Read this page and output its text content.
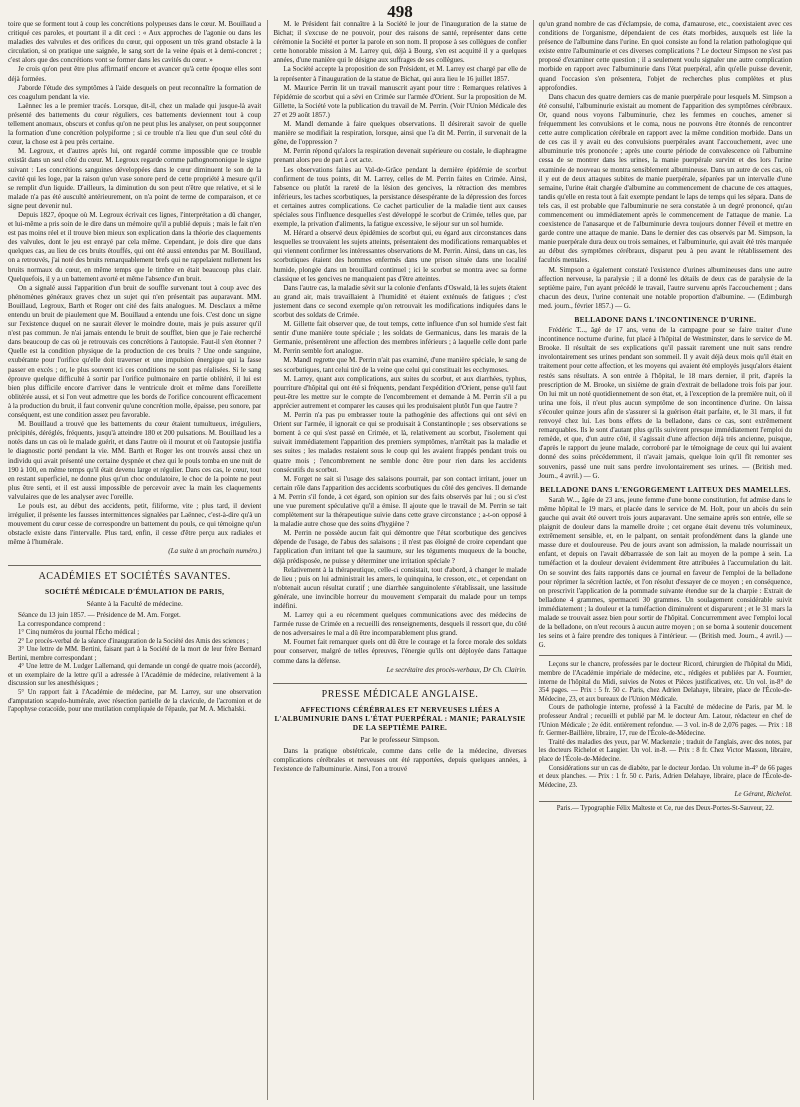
498

toire que se forment tout à coup les concrétions polypeuses dans le cœur. M. Bouillaud a critiqué ces paroles, et pourtant il a dit ceci : « Aux approches de l'agonie ou dans les maladies des valvules et des orifices du cœur, qui opposent un très grand obstacle à la circulation, si on pratique une saignée, le sang sort de la veine épais et à demi-concret ; c'est alors que des concrétions vont se former dans les cavités du cœur. »

Je crois qu'on peut être plus affirmatif encore et avancer qu'à cette époque elles sont déjà formées.

J'aborde l'étude des symptômes à l'aide desquels on peut reconnaître la formation de ces coagulum pendant la vie.

Laënnec les a le premier tracés. Lorsque, dit-il, chez un malade qui jusque-là avait présenté des battements du cœur réguliers, ces battements deviennent tout à coup tellement anomaux, obscurs et confus qu'on ne peut plus les analyser, on peut soupçonner la formation d'une concrétion polypiforme ; si ce trouble n'a lieu que d'un seul côté du cœur, la chose est à peu près certaine.

M. Legroux, et d'autres après lui, ont regardé comme impossible que ce trouble existât dans un seul côté du cœur. M. Legroux regarde comme pathognomonique le signe suivant : Les concrétions sanguines développées dans le cœur diminuent le son de la cavité qui les loge, par la raison qu'un vase sonore perd de cette propriété à mesure qu'il se remplit d'un liquide. D'ailleurs, la diminution du son peut n'être que relative, et si le malade n'a pas été auscultè antérieurement, on n'a point de terme de comparaison, et ce signe peut devenir nul.

Depuis 1827, époque où M. Legroux écrivait ces lignes, l'interprétation a dû changer, et lui-même a pris soin de le dire dans un mémoire qu'il a publié depuis ; mais le fait n'en est pas moins réel et il trouve bien mieux son explication dans la théorie des claquements des valvules, dont le jeu est enrayé par cela même. Cependant, je dois dire que dans quelques cas, au lieu de ces bruits étouffés, qui ont été aussi entendus par M. Bouillaud, on a retrouvés, j'ai noté des bruits remarquablement brefs qui ne rappelaient nullement les bruits normaux du cœur, en même temps que le timbre en était beaucoup plus clair. Quelquefois, il y a un battement avorté et même l'absence d'un bruit.

On a signalé aussi l'apparition d'un bruit de souffle survenant tout à coup avec des phénomènes généraux graves chez un sujet qui n'en présentait pas auparavant. MM. Bouillaud, Legroux, Barth et Roger ont cité des faits analogues. M. Desclaux a même entendu un bruit de piaulement que M. Bouillaud a entendu une fois. C'est donc un signe sur l'existence duquel on ne saurait élever le moindre doute, mais je puis assurer qu'il n'est pas commun. Je n'ai jamais entendu le bruit de soufflet, bien que je l'aie recherché dans beaucoup de cas où je retrouvais ces concrétions à l'autopsie. Faut-il s'en étonner ? Quelle est la condition physique de la production de ces bruits ? Une onde sanguine, exubérante pour l'orifice qu'elle doit traverser et une impulsion énergique qui la fasse passer en excès ; or, le plus souvent ici ces conditions ne sont pas réalisées. Si le sang éprouve quelque difficulté à sortir par l'orifice pulmonaire en partie oblitéré, il lui est bien plus difficile encore d'arriver dans le ventricule droit et même dans l'oreillette oblitérée aussi, et si l'on veut admettre que les bords de l'orifice concourent efficacement à la production du bruit, il faut convenir qu'une concrétion molle, épaisse, peu sonore, par conséquent, est une condition assez peu favorable.

M. Bouillaud a trouvé que les battements du cœur étaient tumultueux, irréguliers, précipités, déréglés, fréquents, jusqu'à atteindre 180 et 200 pulsations. M. Bouillaud les a notés dans un cas où le malade guérit, et dans l'autre où il mourut et où l'autopsie justifia le diagnostic porté pendant la vie. MM. Barth et Roger les ont trouvés aussi chez un individu qui avait présenté une certaine dyspnée et chez qui le pouls tomba en une nuit de 190 à 100, en même temps qu'il était devenu large et régulier. Dans ces cas, le cœur, tout en restant superficiel, ne donne plus qu'un choc ondulatoire, le choc de la pointe ne peut plus être senti, et il est aussi impossible de percevoir avec la main les claquements valvulaires que de les analyser avec l'oreille.

Le pouls est, au début des accidents, petit, filiforme, vite ; plus tard, il devient irrégulier, il présente les fausses intermittences signalées par Laënnec, c'est-à-dire qu'à un mouvement du cœur cesse de correspondre un battement du pouls, ce qui témoigne qu'un obstacle existe dans l'intervalle. Plus tard, enfin, il cesse d'être perçu aux radiales et même à l'humérale.

(La suite à un prochain numéro.)

ACADÉMIES ET SOCIÉTÉS SAVANTES.
SOCIÉTÉ MÉDICALE D'ÉMULATION DE PARIS,
Séante à la Faculté de médecine.

Séance du 13 juin 1857. — Présidence de M. Am. Forget.

La correspondance comprend :

1° Cinq numéros du journal l'Écho médical ;

2° Le procès-verbal de la séance d'inauguration de la Société des Amis des sciences ;

3° Une lettre de MM. Bertini, faisant part à la Société de la mort de leur frère Bernard Bertini, membre correspondant ;

4° Une lettre de M. Ludger Lallemand, qui demande un congé de quatre mois (accordé), et un exemplaire de la lettre qu'il a adressée à l'Académie de médecine, relativement à la discussion sur les anesthésiques ;

5° Un rapport fait à l'Académie de médecine, par M. Larrey, sur une observation d'amputation scapulo-humérale, avec résection partielle de la clavicule, de l'acromion et de l'apophyse coracoïde, pour une mutilation compliquée de l'épaule, par M. A. Michalski.

M. le Président fait connaître à la Société le jour de l'inauguration de la statue de Bichat; il s'excuse de ne pouvoir, pour des raisons de santé, représenter dans cette cérémonie la Société et porter la parole en son nom. Il propose à ses collègues de confier cette honorable mission à M. Larrey qui, déjà à Bourg, s'en est acquitté il y a quelques années, d'une manière qui le désigne aux suffrages de ses collègues.

La Société accepte la proposition de son Président, et M. Larrey est chargé par elle de la représenter à l'inauguration de la statue de Bichat, qui aura lieu le 16 juillet 1857.

M. Maurice Perrin lit un travail manuscrit ayant pour titre : Remarques relatives à l'épidémie de scorbut qui a sévi en Crimée sur l'armée d'Orient. Sur la proposition de M. Gillette, la Société vote la publication du travail de M. Perrin. (Voir l'Union Médicale des 27 et 29 août 1857.)

M. Mandl demande à faire quelques observations. Il désirerait savoir de quelle manière se modifiait la respiration, lorsque, ainsi que l'a dit M. Perrin, il survenait de la gêne, de l'oppression ?

M. Perrin répond qu'alors la respiration devenait supérieure ou costale, le diaphragme prenant alors peu de part à cet acte.

Les observations faites au Val-de-Grâce pendant la dernière épidémie de scorbut confirment de tous points, dit M. Larrey, celles de M. Perrin faites en Crimée. Ainsi, l'absence ou plutôt la rareté de la lésion des gencives, la rétraction des membres inférieurs, les taches scorbutiques, la persistance désespérante de la dépression des forces et certaines autres complications. Ce cachet particulier de la maladie tient aux causes spéciales sous l'influence desquelles s'est développé le scorbut de Crimée, telles que, par exemple, la privation d'aliments, la fatigue excessive, le séjour sur un sol humide.

M. Hérard a observé deux épidémies de scorbut qui, eu égard aux circonstances dans lesquelles se trouvaient les sujets atteints, présentaient des modifications remarquables et qui viennent confirmer les intéressantes observations de M. Perrin. Ainsi, dans un cas, les scorbutiques étaient des hommes enfermés dans une prison située dans une localité humide, plongée dans un brouillard continuel ; ici le scorbut se montra avec sa forme classique et les gencives ne manquaient pas d'être atteintes.

Dans l'autre cas, la maladie sévit sur la colonie d'enfants d'Oswald, là les sujets étaient au grand air, mais travaillaient à l'humidité et étaient exténués de fatigues ; c'est justement dans ce second exemple qu'on retrouvait les modifications indiquées dans le scorbut des soldats de Crimée.

M. Gillette fait observer que, de tout temps, cette influence d'un sol humide s'est fait sentir d'une manière toute spéciale ; les soldats de Germanicus, dans les marais de la Germanie, présentèrent une affection des membres inférieurs ; à laquelle celle dont parle M. Perrin semble fort analogue.

M. Mandl regrette que M. Perrin n'ait pas examiné, d'une manière spéciale, le sang de ses scorbutiques, tant celui tiré de la veine que celui qui constituait les ecchymoses.

M. Larrey, quant aux complications, aux suites du scorbut, et aux diarrhées, typhus, pourriture d'hôpital qui ont été si fréquents, pendant l'expédition d'Orient, pense qu'il faut peut-être les mettre sur le compte de l'encombrement et demande à M. Perrin s'il a pu apprécier autrement et comparer les causes qui les produisaient plutôt l'un que l'autre ?

M. Perrin n'a pas pu embrasser toute la pathogénie des affections qui ont sévi en Orient sur l'armée, il ignorait ce qui se produisait à Constantinople ; ses observations se bornent à ce qui s'est passé en Crimée, et là, relativement au scorbut, l'isolement qui suivait immédiatement l'apparition des premiers symptômes, n'arrêtait pas la maladie et ses suites ; les malades restaient sous le coup qui les avaient frappés pendant trois ou quatre mois ; l'encombrement ne semble donc être pour rien dans les accidents consécutifs du scorbut.

M. Forget ne sait si l'usage des salaisons pourrait, par son contact irritant, jouer un certain rôle dans l'apparition des accidents scorbutiques du côté des gencives. Il demande à M. Perrin s'il fonde, à cet égard, son opinion sur des faits observés par lui ; ou si c'est une vue purement spéculative qu'il a émise. Il ajoute que le travail de M. Perrin se tait complètement sur la thérapeutique suivie dans cette grave circonstance ; a-t-on opposé à la maladie autre chose que des soins d'hygiène ?

M. Perrin ne possède aucun fait qui démontre que l'état scorbutique des gencives dépende de l'usage, de l'abus des salaisons ; il n'est pas éloigné de croire cependant que l'application d'un irritant tel que la saumure, sur les téguments muqueux de la bouche, déjà prédisposée, ne puisse y déterminer une irritation spéciale ?

Relativement à la thérapeutique, celle-ci consistait, tout d'abord, à changer le malade de lieu ; puis on lui administrait les amers, le quinquina, le cresson, etc., et cependant on n'obtenait aucun résultat curatif ; une diarrhée sanguinolente s'établissait, une lassitude générale, une invincible horreur du mouvement s'emparait du malade pour un temps indéfini.

M. Larrey qui a eu récemment quelques communications avec des médecins de l'armée russe de Crimée en a recueilli des renseignements, desquels il ressort que, du côté de nos adversaires le mal a dû être incomparablement plus grand.

M. Fournet fait remarquer quels ont dû être le courage et la force morale des soldats pour conserver, malgré de telles épreuves, l'énergie qu'ils ont déployée dans l'attaque comme dans la défense.

Le secrétaire des procès-verbaux, Dr Ch. Clairin.

PRESSE MÉDICALE ANGLAISE.
AFFECTIONS CÉRÉBRALES ET NERVEUSES LIÉES A L'ALBUMINURIE DANS L'ÉTAT PUERPÉRAL : MANIE; PARALYSIE DE LA SEPTIÈME PAIRE.
Par le professeur Simpson.

Dans la pratique obstétricale, comme dans celle de la médecine, diverses complications cérébrales et nerveuses ont été rapportées, depuis quelques années, à l'existence de l'albuminurie. Ainsi, l'on a trouvé

qu'un grand nombre de cas d'éclampsie, de coma, d'amaurose, etc., coexistaient avec ces conditions de l'organisme, dépendaient de ces états morbides, auxquels est liée la présence de l'albumine dans l'urine. En quoi consiste au fond la relation pathologique qui existe entre l'albuminurie et ces diverses complications ? Le docteur Simpson ne s'est pas proposé d'examiner cette question ; il a seulement voulu signaler une autre complication morbide en rapport avec l'albuminurie dans l'état puerpéral, afin qu'elle puisse devenir, quand l'occasion s'en présentera, l'objet de recherches plus complètes et plus approfondies.

Dans chacun des quatre derniers cas de manie puerpérale pour lesquels M. Simpson a été consulté, l'albuminurie existait au moment de l'apparition des symptômes cérébraux. Or, quand nous voyons l'albuminurie, chez les femmes en couches, amener si fréquemment les convulsions et le coma, nous ne pouvons être étonnés de rencontrer cette autre complication cérébrale en rapport avec la même condition morbide. Dans un de ces cas il y avait eu des convulsions puerpérales avant l'accouchement, avec une albuminurie très prononcée ; après une courte période de convalescence où l'albumine cessa de se montrer dans les urines, la manie puerpérale survint et des lors l'urine examinée de nouveau se montra sensiblement albumineuse. Dans un autre de ces cas, où il y eut de deux attaques subites de manie puerpérale, séparées par un intervalle d'une semaine, l'urine était chargée d'albumine au commencement de chacune de ces attaques, tandis qu'elle en resta tout à fait exempte pendant le laps de temps qui les sépara. Dans de tels cas, il est probable que l'albuminurie ne sera constatée à un degré prononcé, qu'au commencement ou immédiatement après le commencement de l'attaque de manie. La coexistence de l'anasarque et de l'albuminurie devra toujours donner l'éveil et mettre en garde contre une attaque de manie. Dans le dernier des cas observés par M. Simpson, la manie puerpérale dura deux ou trois semaines, et l'albuminurie, qui avait été très marquée au début des symptômes cérébraux, disparut peu à peu avant le rétablissement des facultés mentales.

M. Simpson a également constaté l'existence d'urines albumineuses dans une autre affection nerveuse, la paralysie ; il a donné les détails de deux cas de paralysie de la septième paire, l'un ayant précédé le travail, l'autre survenu après l'accouchement ; dans chacun des deux, l'urine contenait une notable proportion d'albumine. — (Edimburgh med. journ., février 1857.) — G.

BELLADONE DANS L'INCONTINENCE D'URINE.

Frédéric T..., âgé de 17 ans, venu de la campagne pour se faire traiter d'une incontinence nocturne d'urine, fut placé à l'hôpital de Westminster, dans le service de M. Brooke. Il résultait de ses explications qu'il passait rarement une nuit sans rendre involontairement ses urines pendant son sommeil. Il y avait déjà deux mois qu'il était en traitement pour cette affection, et les moyens qui avaient été employés jusqu'alors étaient restés sans résultats. A son entrée à l'hôpital, le 18 mars dernier, il prit, d'après la prescription de M. Brooke, un sixième de grain d'extrait de belladone trois fois par jour. On lui mit un noté quotidiennement de son état, et, à l'exception de la première nuit, où il urina une fois, il n'eut plus aucun symptôme de son incontinence d'urine. On laissa s'écouler quinze jours afin de s'assurer si la guérison était parfaite, et, le 31 mars, il fut renvoyé chez lui. Les bons effets de la belladone, dans ce cas, sont extrêmement remarquables. Ils le sont d'autant plus qu'ils suivirent presque immédiatement l'emploi du remède, et que, d'un autre côté, il s'agissait d'une affection déjà très ancienne, puisque, d'après le rapport du jeune malade, corroboré par le témoignage de ceux qui lui avaient donné des soins précédemment, il n'avait jamais, quelque loin qu'il fît remonter ses souvenirs, passé une nuit sans perdre involontairement ses urines. — (British med. Journ., 4 avril.) — G.

BELLADONE DANS L'ENGORGEMENT LAITEUX DES MAMELLES.

Sarah W..., âgée de 23 ans, jeune femme d'une bonne constitution, fut admise dans le même hôpital le 19 mars, et placée dans le service de M. Holt, pour un abcès du sein gauche qui avait été ouvert trois jours auparavant. Une semaine après son entrée, elle se plaignit de douleur dans la mamelle droite ; cet organe était devenu très volumineux, extrêmement sensible, et, en le palpant, on sentait profondément dans la glande une masse dure et douloureuse. Peu de jours avant son admission, la malade nourrissait un enfant, et depuis on l'avait débarrassée de son lait au moyen de la pompe à sein. La tuméfaction et la douleur devaient évidemment être attribuées à l'accumulation du lait. On se souvint des faits rapportés dans ce journal en faveur de l'emploi de la belladone pour réprimer la sécrétion lactée, et l'on résolut d'essayer de ce moyen ; en conséquence, on prescrivit l'application de la pommade suivante étendue sur de la charpie : Extrait de belladone 4 grammes, spermaceti 30 grammes. Un soulagement considérable suivit immédiatement ; la douleur et la tuméfaction diminuèrent et disparurent ; et le 31 mars la malade se trouvait assez bien pour sortir de l'hôpital. Concurremment avec l'emploi local de la belladone, on n'eut recours à aucun autre moyen ; on se borna à soutenir doucement les seins et à faire prendre des toniques à l'intérieur. — (British med. Journ., 4 avril.) — G.

Leçons sur le chancre, professées par le docteur Ricord, chirurgien de l'hôpital du Midi, membre de l'Académie impériale de médecine, etc., rédigées et publiées par A. Fournier, interne de l'hôpital du Midi, suivies de Notes et Pièces justificatives, etc. Un vol. in-8° de 354 pages. — Prix : 5 fr. 50 c. Paris, chez Adrien Delahaye, libraire, place de l'École-de-Médecine, 23, et aux bureaux de l'Union Médicale.

Cours de pathologie interne, professé à la Faculté de médecine de Paris, par M. le professeur Andral ; recueilli et publié par M. le docteur Am. Latour, rédacteur en chef de l'Union Médicale ; 2e édit. entièrement refondue. — 3 vol. in-8 de 2,076 pages. — Prix : 18 fr. Germer-Baillière, libraire, 17, rue de l'École-de-Médecine.

Traité des maladies des yeux, par W. Mackenzie ; traduit de l'anglais, avec des notes, par les docteurs Richelot et Laugier. Un vol. in-8. — Prix : 8 fr. Chez Victor Masson, libraire, place de l'École-de-Médecine.

Considérations sur un cas de diabète, par le docteur Jordao. Un volume in-4° de 66 pages et deux planches. — Prix : 1 fr. 50 c. Paris, Adrien Delahaye, libraire, place de l'École-de-Médecine, 23.

Le Gérant, Richelot.

Paris.— Typographie Félix Malteste et Ce, rue des Deux-Portes-St-Sauveur, 22.
